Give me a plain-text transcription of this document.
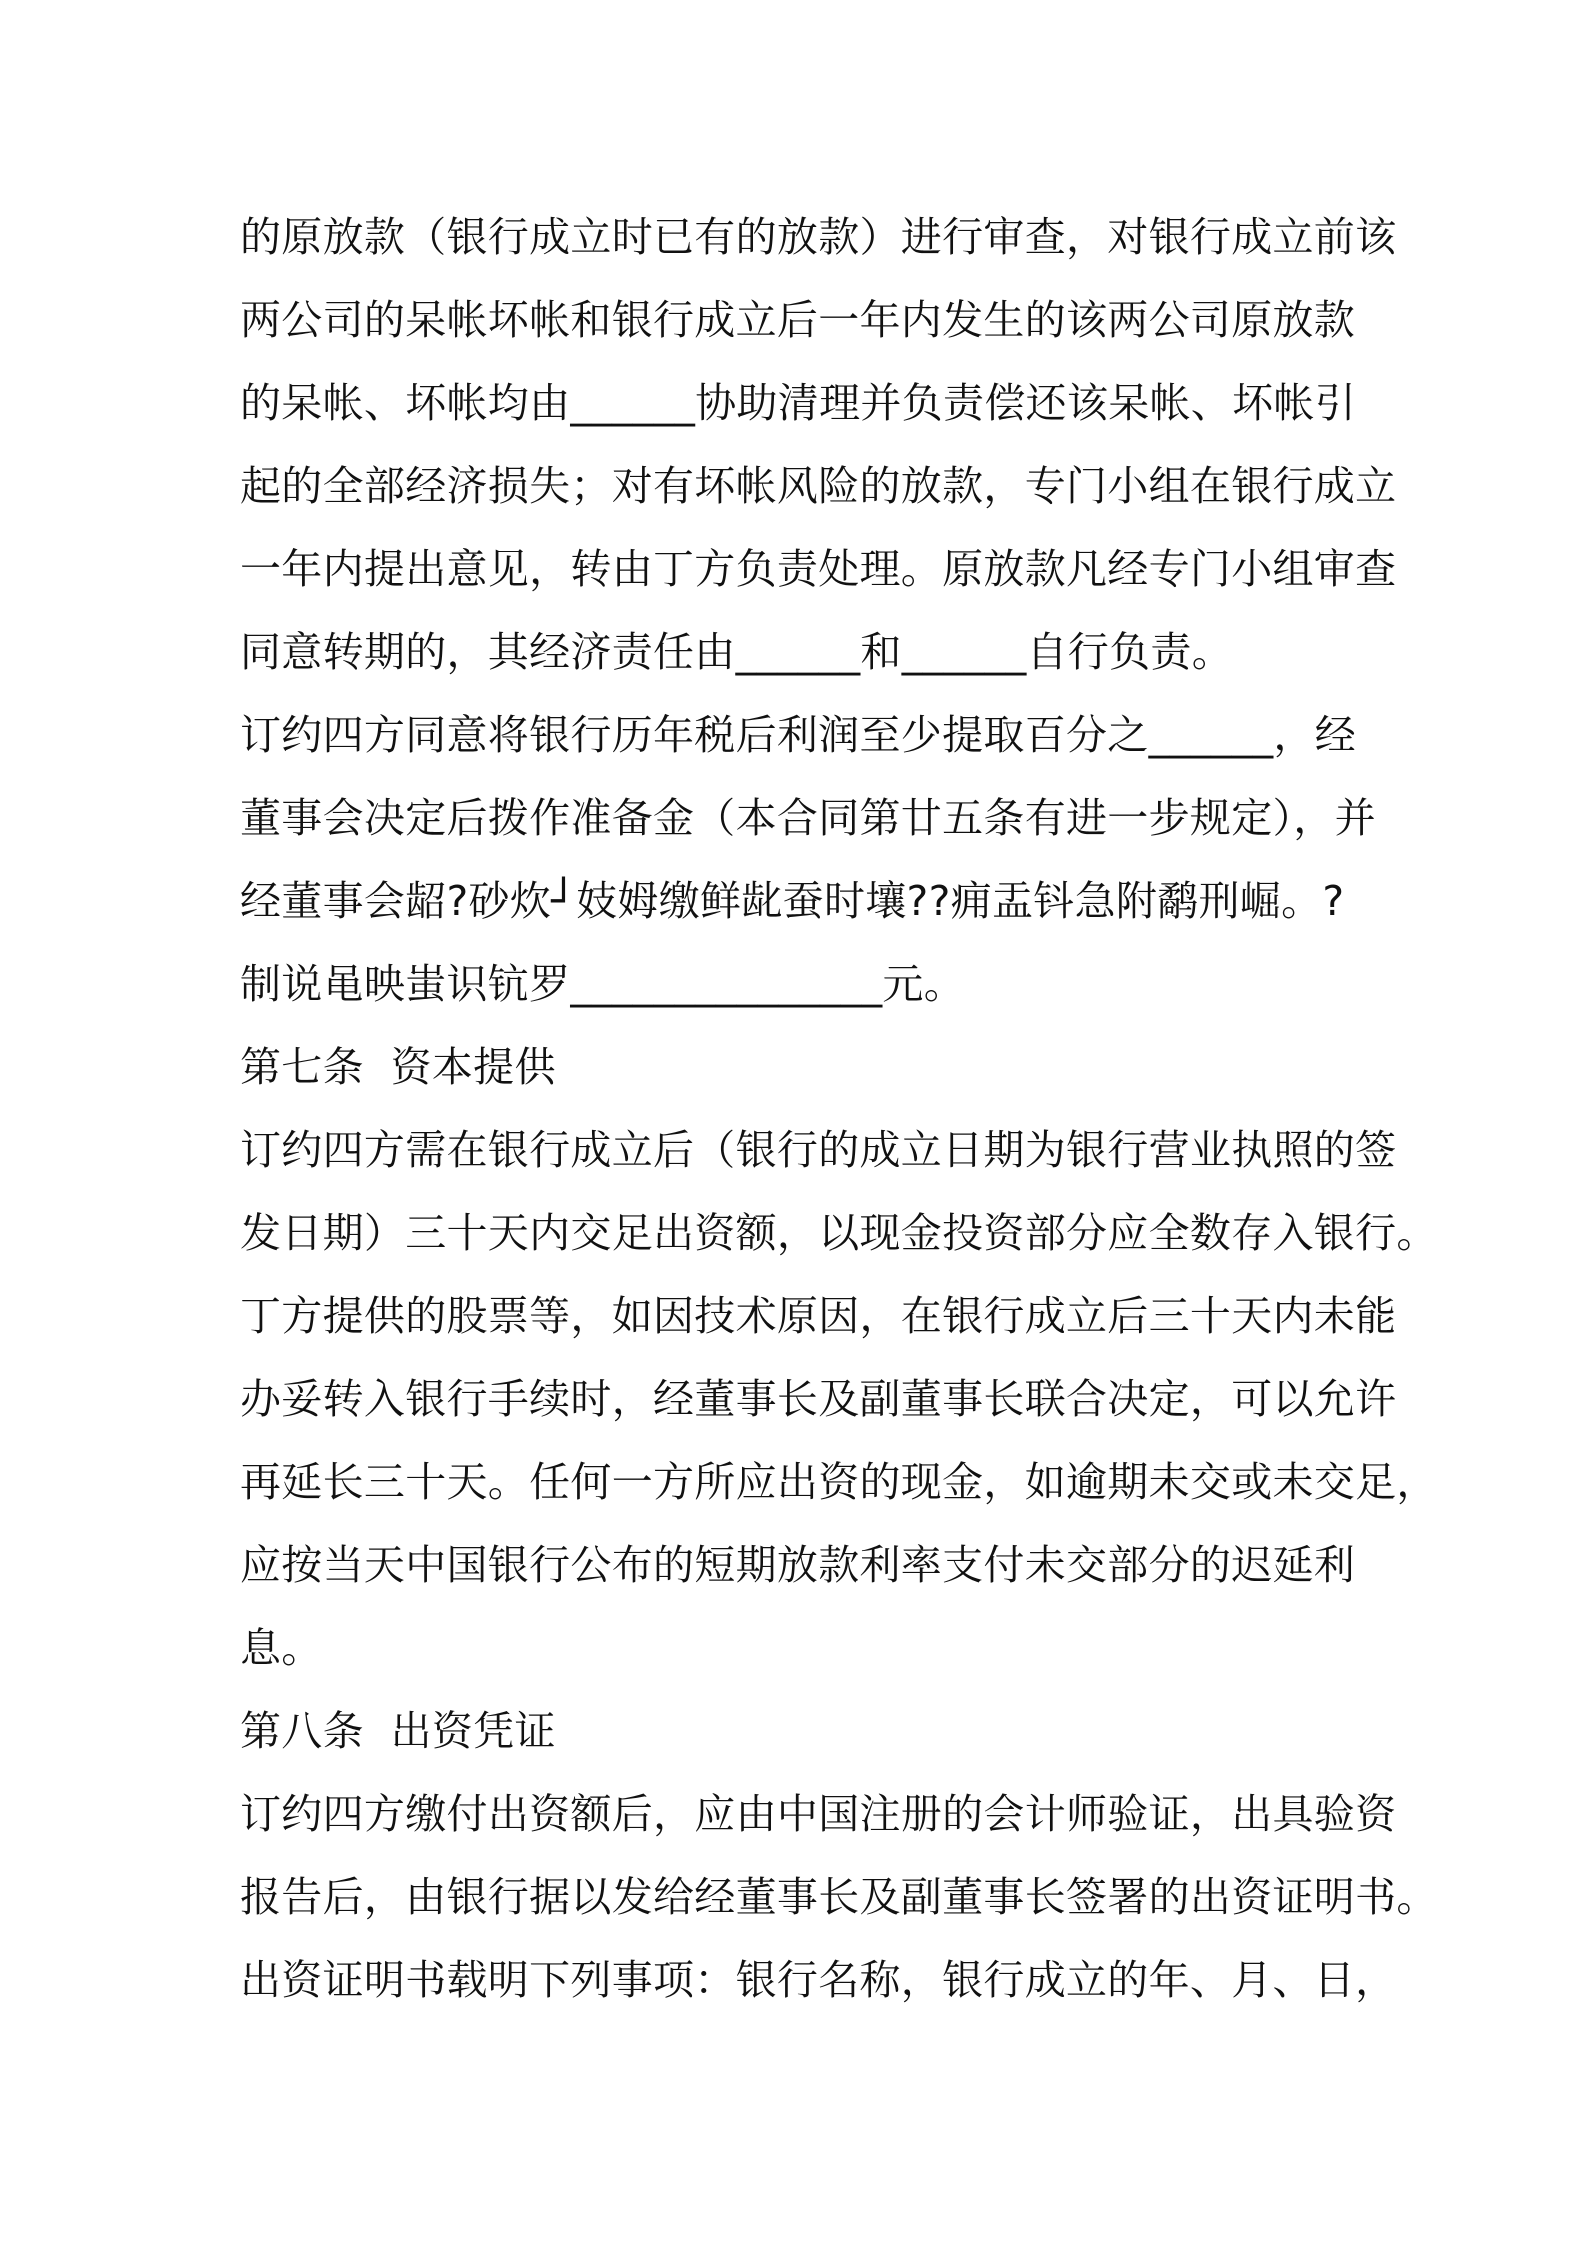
的原放款（银行成立时已有的放款）进行审查，对银行成立前该
两公司的呆帐坏帐和银行成立后一年内发生的该两公司原放款
的呆帐、坏帐均由______协助清理并负责偿还该呆帐、坏帐引
起的全部经济损失；对有坏帐风险的放款，专门小组在银行成立
一年内提出意见，转由丁方负责处理。原放款凡经专门小组审查
同意转期的，其经济责任由______和______自行负责。
订约四方同意将银行历年税后利润至少提取百分之______，经
董事会决定后拨作准备金（本合同第廿五条有进一步规定），并
经董事会龆?砂炊┘妓姆缴鲜龀蚕时壤??痈盂钭急附鹬刑崛。?
制说黾映蚩识钪罗_______________元。
第七条  资本提供
订约四方需在银行成立后（银行的成立日期为银行营业执照的签
发日期）三十天内交足出资额，以现金投资部分应全数存入银行。
丁方提供的股票等，如因技术原因，在银行成立后三十天内未能
办妥转入银行手续时，经董事长及副董事长联合决定，可以允许
再延长三十天。任何一方所应出资的现金，如逾期未交或未交足，
应按当天中国银行公布的短期放款利率支付未交部分的迟延利
息。
第八条  出资凭证
订约四方缴付出资额后，应由中国注册的会计师验证，出具验资
报告后，由银行据以发给经董事长及副董事长签署的出资证明书。
出资证明书载明下列事项：银行名称，银行成立的年、月、日，
